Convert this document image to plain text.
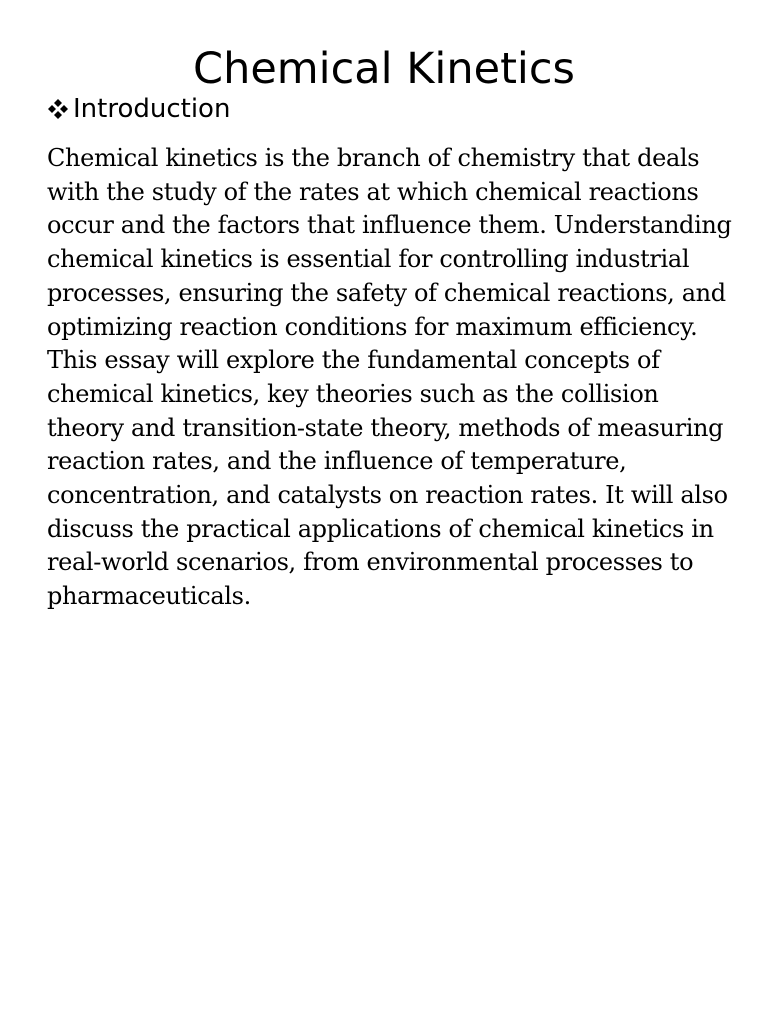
Chemical Kinetics
Introduction

Chemical kinetics is the branch of chemistry that deals with the study of the rates at which chemical reactions occur and the factors that influence them. Understanding chemical kinetics is essential for controlling industrial processes, ensuring the safety of chemical reactions, and optimizing reaction conditions for maximum efficiency. This essay will explore the fundamental concepts of chemical kinetics, key theories such as the collision theory and transition-state theory, methods of measuring reaction rates, and the influence of temperature, concentration, and catalysts on reaction rates. It will also discuss the practical applications of chemical kinetics in real-world scenarios, from environmental processes to pharmaceuticals.
